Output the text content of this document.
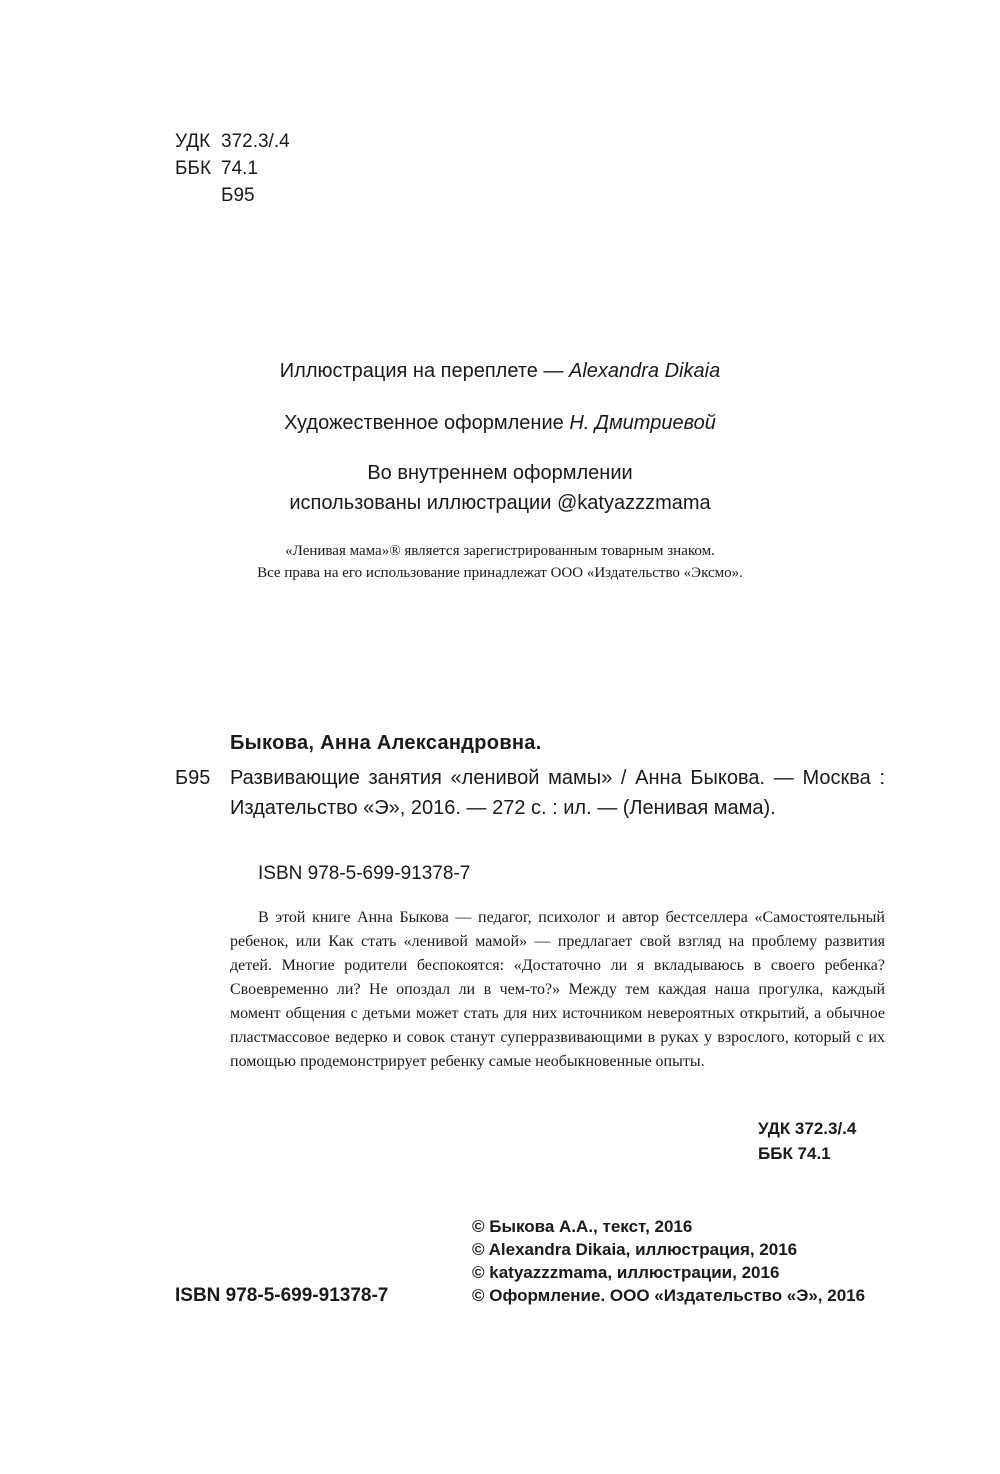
УДК 372.3/.4
ББК 74.1
Б95
Иллюстрация на переплете — Alexandra Dikaia
Художественное оформление Н. Дмитриевой
Во внутреннем оформлении
использованы иллюстрации @katyazzzmama
«Ленивая мама»® является зарегистрированным товарным знаком.
Все права на его использование принадлежат ООО «Издательство «Эксмо».
Быкова, Анна Александровна.
Б95 Развивающие занятия «ленивой мамы» / Анна Быкова. — Москва : Издательство «Э», 2016. — 272 с. : ил. — (Ленивая мама).
ISBN 978-5-699-91378-7
В этой книге Анна Быкова — педагог, психолог и автор бестселлера «Самостоятельный ребенок, или Как стать «ленивой мамой» — предлагает свой взгляд на проблему развития детей. Многие родители беспокоятся: «Достаточно ли я вкладываюсь в своего ребенка? Своевременно ли? Не опоздал ли в чем-то?» Между тем каждая наша прогулка, каждый момент общения с детьми может стать для них источником невероятных открытий, а обычное пластмассовое ведерко и совок станут суперразвивающими в руках у взрослого, который с их помощью продемонстрирует ребенку самые необыкновенные опыты.
УДК 372.3/.4
ББК 74.1
© Быкова А.А., текст, 2016
© Alexandra Dikaia, иллюстрация, 2016
© katyazzzmama, иллюстрации, 2016
© Оформление. ООО «Издательство «Э», 2016
ISBN 978-5-699-91378-7
